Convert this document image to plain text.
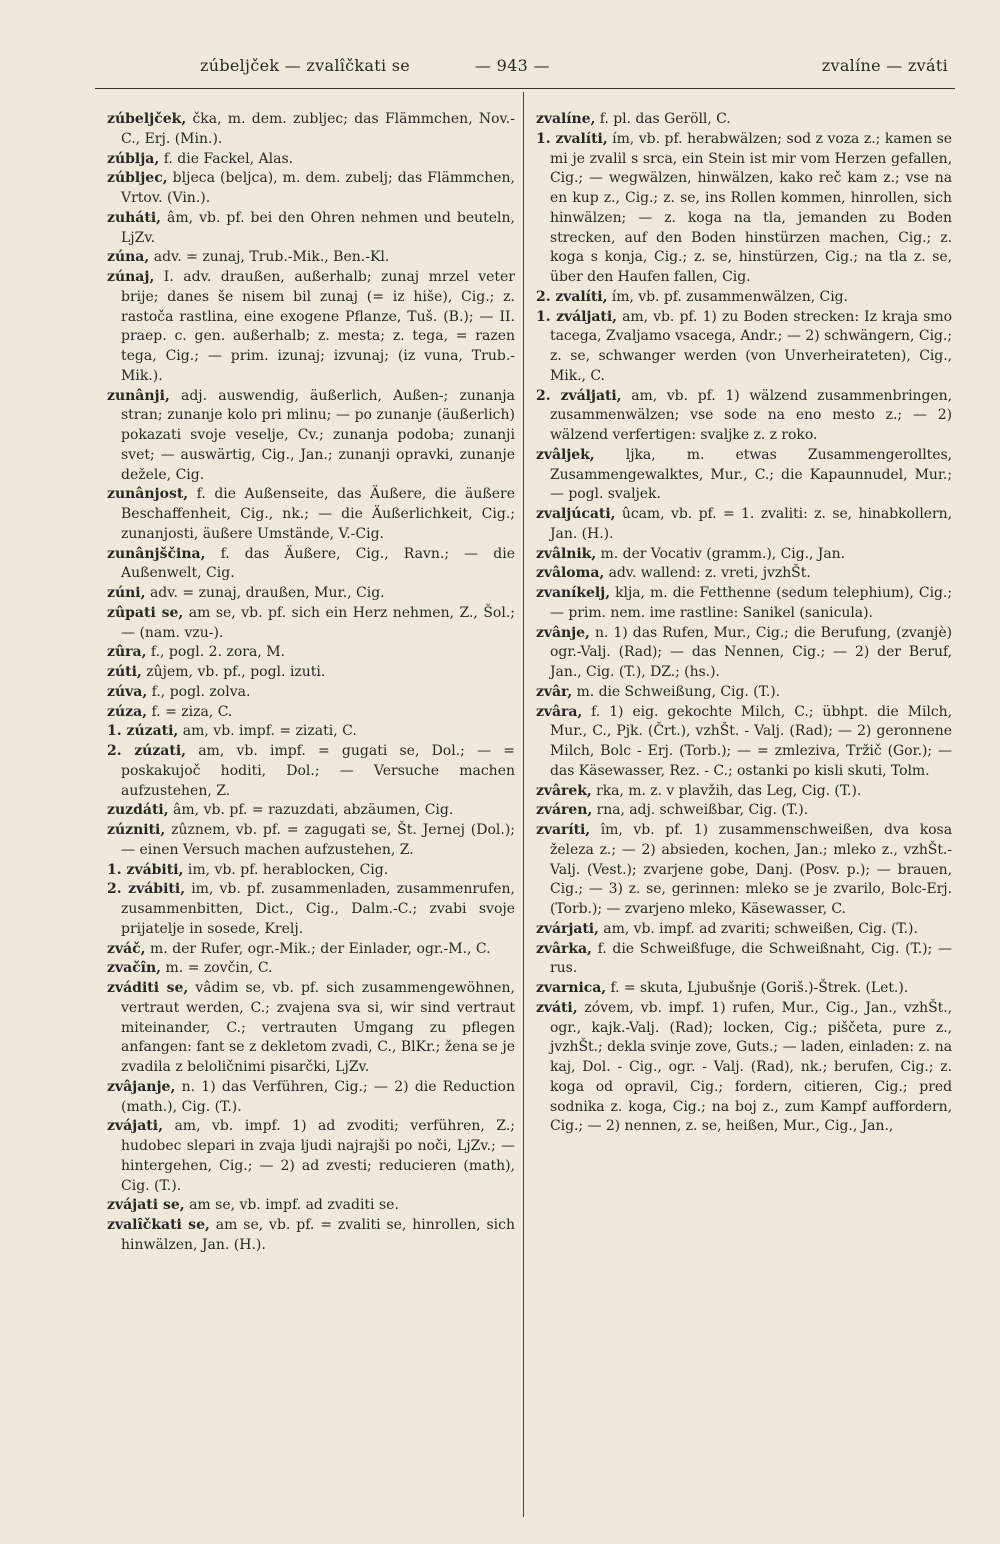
zúbeljček — zvalîčkati se	— 943 —	zvalíne — zváti

zúbeljček, čka, m. dem. zubljec; das Flämmchen, Nov.-C., Erj. (Min.).

zúblja, f. die Fackel, Alas.

zúbljec, bljeca (belјca), m. dem. zubelj; das Flämmchen, Vrtov. (Vin.).

zuháti, âm, vb. pf. bei den Ohren nehmen und beuteln, LjZv.

zúna, adv. = zunaj, Trub.-Mik., Ben.-Kl.

zúnaj, I. adv. draußen, außerhalb; zunaj mrzel veter brije; danes še nisem bil zunaj (= iz hiše), Cig.; z. rastoča rastlina, eine exogene Pflanze, Tuš. (B.); — II. praep. c. gen. außerhalb; z. mesta; z. tega, = razen tega, Cig.; — prim. izunaj; izvunaj; (iz vuna, Trub.-Mik.).

zunânji, adj. auswendig, äußerlich, Außen-; zunanja stran; zunanje kolo pri mlinu; — po zunanje (äußerlich) pokazati svoje veselje, Cv.; zunanja podoba; zunanji svet; — auswärtig, Cig., Jan.; zunanji opravki, zunanje dežele, Cig.

zunânjost, f. die Außenseite, das Äußere, die äußere Beschaffenheit, Cig., nk.; — die Äußerlichkeit, Cig.; zunanjosti, äußere Umstände, V.-Cig.

zunânjščina, f. das Äußere, Cig., Ravn.; — die Außenwelt, Cig.

zúni, adv. = zunaj, draußen, Mur., Cig.

zûpati se, am se, vb. pf. sich ein Herz nehmen, Z., Šol.; — (nam. vzu-).

zûra, f., pogl. 2. zora, M.

zúti, zûjem, vb. pf., pogl. izuti.

zúva, f., pogl. zolva.

zúza, f. = ziza, C.

1. zúzati, am, vb. impf. = zizati, C.

2. zúzati, am, vb. impf. = gugati se, Dol.; — = poskakujoč hoditi, Dol.; — Versuche machen aufzustehen, Z.

zuzdáti, âm, vb. pf. = razuzdati, abzäumen, Cig.

zúzniti, zûznem, vb. pf. = zagugati se, Št. Jernej (Dol.); — einen Versuch machen aufzustehen, Z.

1. zvábiti, im, vb. pf. herablocken, Cig.

2. zvábiti, im, vb. pf. zusammenladen, zusammenrufen, zusammenbitten, Dict., Cig., Dalm.-C.; zvabi svoje prijatelje in sosede, Krelj.

zváč, m. der Rufer, ogr.-Mik.; der Einlader, ogr.-M., C.

zvačîn, m. = zovčin, C.

zváditi se, vâdim se, vb. pf. sich zusammengewöhnen, vertraut werden, C.; zvajena sva si, wir sind vertraut miteinander, C.; vertrauten Umgang zu pflegen anfangen: fant se z dekletom zvadi, C., BlKr.; žena se je zvadila z beloličnimi pisarčki, LjZv.

zvâjanje, n. 1) das Verführen, Cig.; — 2) die Reduction (math.), Cig. (T.).

zvájati, am, vb. impf. 1) ad zvoditi; verführen, Z.; hudobec slepari in zvaja ljudi najrajši po noči, LjZv.; — hintergehen, Cig.; — 2) ad zvesti; reducieren (math), Cig. (T.).

zvájati se, am se, vb. impf. ad zvaditi se.

zvalîčkati se, am se, vb. pf. = zvaliti se, hinrollen, sich hinwälzen, Jan. (H.).

zvalíne, f. pl. das Geröll, C.

1. zvalíti, ím, vb. pf. herabwälzen; sod z voza z.; kamen se mi je zvalil s srca, ein Stein ist mir vom Herzen gefallen, Cig.; — wegwälzen, hinwälzen, kako reč kam z.; vse na en kup z., Cig.; z. se, ins Rollen kommen, hinrollen, sich hinwälzen; — z. koga na tla, jemanden zu Boden strecken, auf den Boden hinstürzen machen, Cig.; z. koga s konja, Cig.; z. se, hinstürzen, Cig.; na tla z. se, über den Haufen fallen, Cig.

2. zvalíti, ím, vb. pf. zusammenwälzen, Cig.

1. zváljati, am, vb. pf. 1) zu Boden strecken: Iz kraja smo tacega, Zvaljamo vsacega, Andr.; — 2) schwängern, Cig.; z. se, schwanger werden (von Unverheirateten), Cig., Mik., C.

2. zváljati, am, vb. pf. 1) wälzend zusammenbringen, zusammenwälzen; vse sode na eno mesto z.; — 2) wälzend verfertigen: svaljke z. z roko.

zvâljek, ljka, m. etwas Zusammengerolltes, Zusammengewalktes, Mur., C.; die Kapaunnudel, Mur.; — pogl. svaljek.

zvaljúcati, ûcam, vb. pf. = 1. zvaliti: z. se, hinabkollern, Jan. (H.).

zvâlnik, m. der Vocativ (gramm.), Cig., Jan.

zvâloma, adv. wallend: z. vreti, jvzhŠt.

zvaníkelj, klja, m. die Fetthenne (sedum telephium), Cig.; — prim. nem. ime rastline: Sanikel (sanicula).

zvânje, n. 1) das Rufen, Mur., Cig.; die Berufung, (zvanjè) ogr.-Valj. (Rad); — das Nennen, Cig.; — 2) der Beruf, Jan., Cig. (T.), DZ.; (hs.).

zvâr, m. die Schweißung, Cig. (T.).

zvâra, f. 1) eig. gekochte Milch, C.; übhpt. die Milch, Mur., C., Pjk. (Črt.), vzhŠt. - Valj. (Rad); — 2) geronnene Milch, Bolc - Erj. (Torb.); — = zmleziva, Tržič (Gor.); — das Käsewasser, Rez. - C.; ostanki po kisli skuti, Tolm.

zvârek, rka, m. z. v plavžih, das Leg, Cig. (T.).

zváren, rna, adj. schweißbar, Cig. (T.).

zvaríti, îm, vb. pf. 1) zusammenschweißen, dva kosa železa z.; — 2) absieden, kochen, Jan.; mleko z., vzhŠt.- Valj. (Vest.); zvarjene gobe, Danj. (Posv. p.); — brauen, Cig.; — 3) z. se, gerinnen: mleko se je zvarilo, Bolc-Erj. (Torb.); — zvarjeno mleko, Käsewasser, C.

zvárjati, am, vb. impf. ad zvariti; schweißen, Cig. (T.).

zvârka, f. die Schweißfuge, die Schweißnaht, Cig. (T.); — rus.

zvarnica, f. = skuta, Ljubušnje (Goriš.)-Štrek. (Let.).

zváti, zóvem, vb. impf. 1) rufen, Mur., Cig., Jan., vzhŠt., ogr., kajk.-Valj. (Rad); locken, Cig.; piščeta, pure z., jvzhŠt.; dekla svinje zove, Guts.; — laden, einladen: z. na kaj, Dol. - Cig., ogr. - Valj. (Rad), nk.; berufen, Cig.; z. koga od opravil, Cig.; fordern, citieren, Cig.; pred sodnika z. koga, Cig.; na boj z., zum Kampf auffordern, Cig.; — 2) nennen, z. se, heißen, Mur., Cig., Jan.,
